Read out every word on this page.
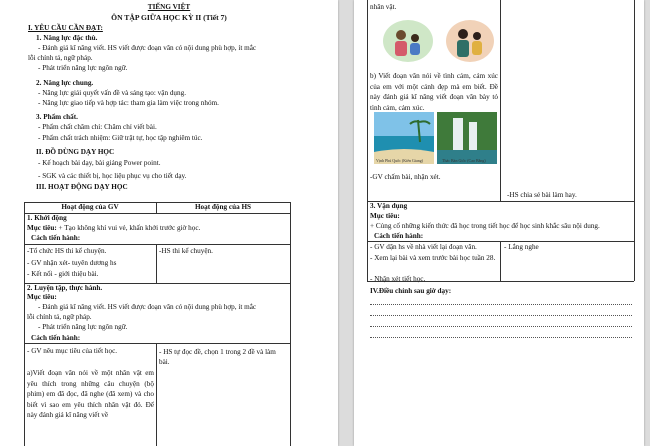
TIẾNG VIỆT
ÔN TẬP GIỮA HỌC KỲ II (Tiết 7)
I. YÊU CẦU CẦN ĐẠT:
1. Năng lực đặc thù.
- Đánh giá kĩ năng viết. HS viết được đoạn văn có nội dung phù hợp, ít mắc
lỗi chính tả, ngữ pháp.
- Phát triển năng lực ngôn ngữ.
2. Năng lực chung.
- Năng lực giải quyết vấn đề và sáng tạo: vận dụng.
- Năng lực giao tiếp và hợp tác: tham gia làm việc trong nhóm.
3. Phẩm chất.
- Phẩm chất chăm chỉ: Chăm chỉ viết bài.
- Phẩm chất trách nhiệm: Giữ trật tự, học tập nghiêm túc.
II. ĐỒ DÙNG DẠY HỌC
- Kế hoạch bài dạy, bài giảng Power point.
- SGK và các thiết bị, học liệu phục vụ cho tiết dạy.
III. HOẠT ĐỘNG DẠY HỌC
Hoạt động của GV	Hoạt động của HS
1. Khởi động
Mục tiêu: + Tạo không khí vui vẻ, khấn khởi trước giờ học.
Cách tiến hành:
-Tổ chức HS thi kể chuyện.
- GV nhận xét- tuyên dương hs
- Kết nối - giới thiệu bài.
-HS thi kể chuyện.
2. Luyện tập, thực hành.
Mục tiêu:
- Đánh giá kĩ năng viết. HS viết được đoạn văn có nội dung phù hợp, ít mắc
lỗi chính tả, ngữ pháp.
- Phát triển năng lực ngôn ngữ.
Cách tiến hành:
- GV nêu mục tiêu của tiết học.
a)Viết đoạn văn nói về một nhân vật em yêu thích trong những câu chuyện (bộ phim) em đã đọc, đã nghe (đã xem) và cho biết vì sao em yêu thích nhân vật đó. Để này đánh giá kĩ năng viết về
- HS tự đọc đề, chọn 1 trong 2 đề và làm bài.
nhân vật.
b) Viết đoạn văn nói về tình cảm, cảm xúc của em với một cảnh đẹp mà em biết. Đề này đánh giá kĩ năng viết đoạn văn bày tỏ tình cảm, cảm xúc.
Vịnh Phú Quốc (Kiên Giang)	Thác Bản Giốc (Cao Bằng)
-GV chấm bài, nhận xét.
-HS chia sẻ bài làm hay.
3. Vận dụng
Mục tiêu:
+ Củng cố những kiến thức đã học trong tiết học để học sinh khắc sâu nội dung.
Cách tiến hành:
- GV dặn hs về nhà viết lại đoạn văn.
- Xem lại bài và xem trước bài học tuần 28.
- Nhận xét tiết học.
- Lắng nghe
IV.Điều chỉnh sau giờ dạy:
